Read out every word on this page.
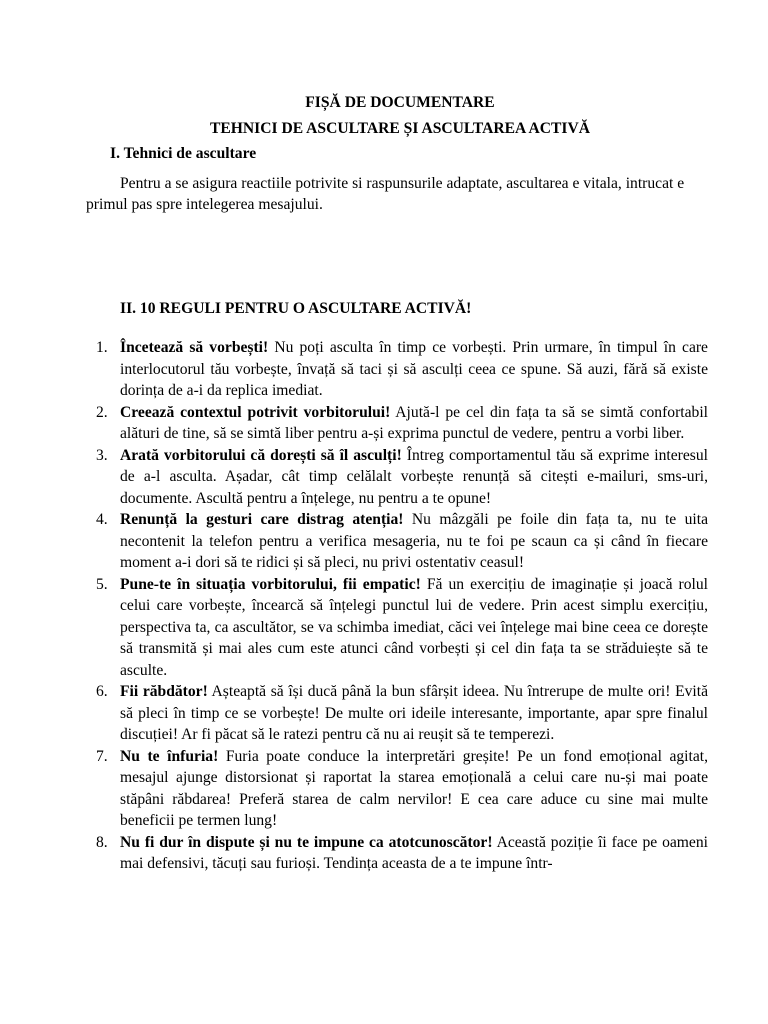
FIȘĂ DE DOCUMENTARE

TEHNICI DE ASCULTARE ȘI ASCULTAREA ACTIVĂ

I. Tehnici de ascultare

Pentru a se asigura reactiile potrivite si raspunsurile adaptate, ascultarea e vitala, intrucat e primul pas spre intelegerea mesajului.

II. 10 REGULI PENTRU O ASCULTARE ACTIVĂ!

1. Încetează să vorbești! Nu poți asculta în timp ce vorbești. Prin urmare, în timpul în care interlocutorul tău vorbește, învață să taci și să asculți ceea ce spune. Să auzi, fără să existe dorința de a-i da replica imediat.
2. Creează contextul potrivit vorbitorului! Ajută-l pe cel din fața ta să se simtă confortabil alături de tine, să se simtă liber pentru a-și exprima punctul de vedere, pentru a vorbi liber.
3. Arată vorbitorului că dorești să îl asculți! Întreg comportamentul tău să exprime interesul de a-l asculta. Așadar, cât timp celălalt vorbește renunță să citești e-mailuri, sms-uri, documente. Ascultă pentru a înțelege, nu pentru a te opune!
4. Renunță la gesturi care distrag atenția! Nu mâzgăli pe foile din fața ta, nu te uita necontenit la telefon pentru a verifica mesageria, nu te foi pe scaun ca și când în fiecare moment a-i dori să te ridici și să pleci, nu privi ostentativ ceasul!
5. Pune-te în situația vorbitorului, fii empatic! Fă un exercițiu de imaginație și joacă rolul celui care vorbește, încearcă să înțelegi punctul lui de vedere. Prin acest simplu exercițiu, perspectiva ta, ca ascultător, se va schimba imediat, căci vei înțelege mai bine ceea ce dorește să transmită și mai ales cum este atunci când vorbești și cel din fața ta se străduiește să te asculte.
6. Fii răbdător! Așteaptă să își ducă până la bun sfârșit ideea. Nu întrerupe de multe ori! Evită să pleci în timp ce se vorbește! De multe ori ideile interesante, importante, apar spre finalul discuției! Ar fi păcat să le ratezi pentru că nu ai reușit să te temperezi.
7. Nu te înfuria! Furia poate conduce la interpretări greșite! Pe un fond emoțional agitat, mesajul ajunge distorsionat și raportat la starea emoțională a celui care nu-și mai poate stăpâni răbdarea! Preferă starea de calm nervilor! E cea care aduce cu sine mai multe beneficii pe termen lung!
8. Nu fi dur în dispute și nu te impune ca atotcunoscător! Această poziție îi face pe oameni mai defensivi, tăcuți sau furioși. Tendința aceasta de a te impune într-
